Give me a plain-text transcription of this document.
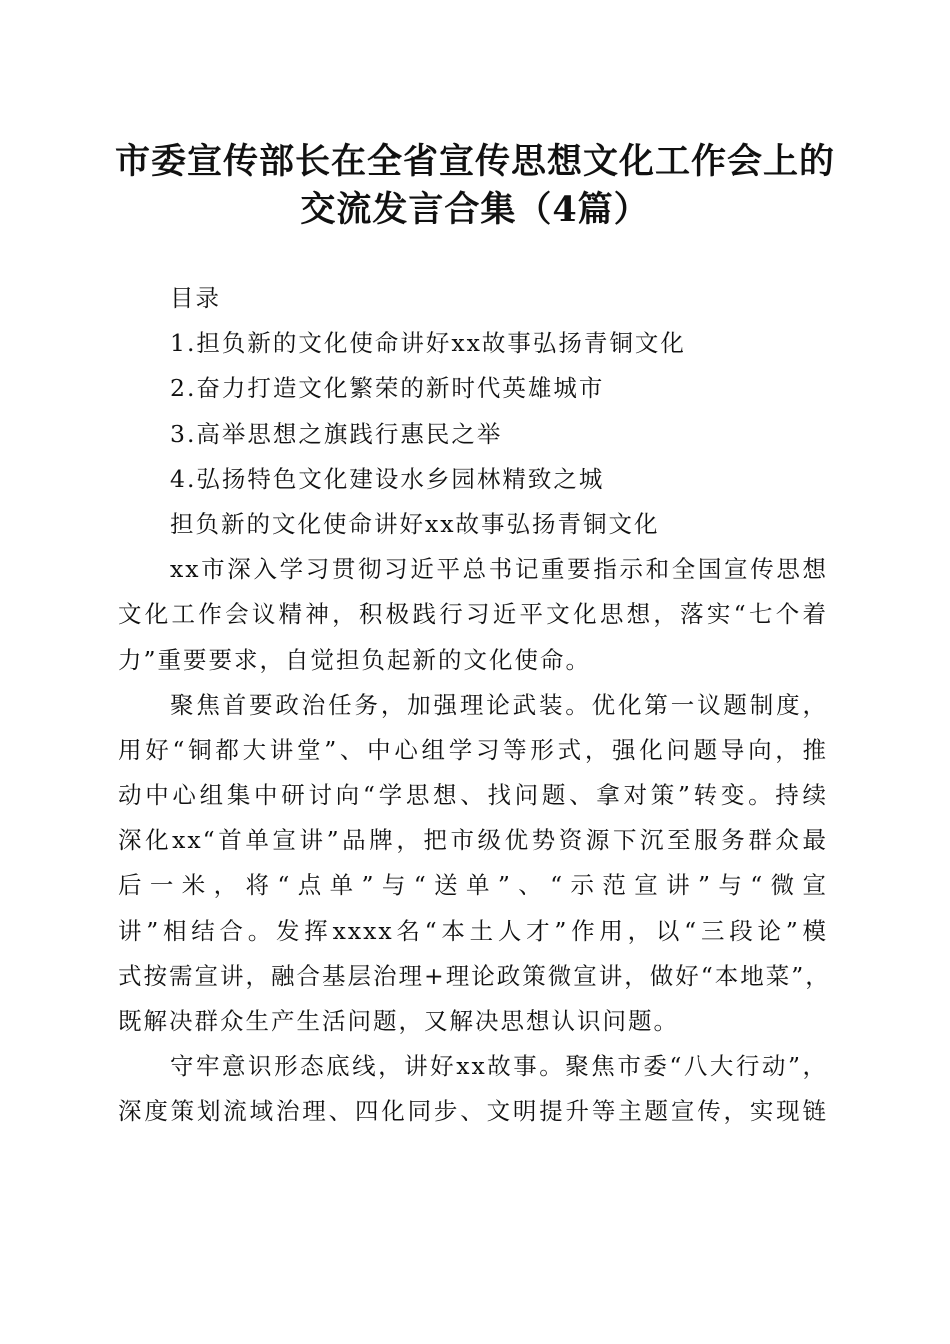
市委宣传部长在全省宣传思想文化工作会上的
交流发言合集（4篇）
目录
1.担负新的文化使命讲好xx故事弘扬青铜文化
2.奋力打造文化繁荣的新时代英雄城市
3.高举思想之旗践行惠民之举
4.弘扬特色文化建设水乡园林精致之城
担负新的文化使命讲好xx故事弘扬青铜文化
xx市深入学习贯彻习近平总书记重要指示和全国宣传思想
文化工作会议精神，积极践行习近平文化思想，落实“七个着
力”重要要求，自觉担负起新的文化使命。
聚焦首要政治任务，加强理论武装。优化第一议题制度，
用好“铜都大讲堂”、中心组学习等形式，强化问题导向，推
动中心组集中研讨向“学思想、找问题、拿对策”转变。持续
深化xx“首单宣讲”品牌，把市级优势资源下沉至服务群众最
后一米，将“点单”与“送单”、“示范宣讲”与“微宣
讲”相结合。发挥xxxx名“本土人才”作用，以“三段论”模
式按需宣讲，融合基层治理+理论政策微宣讲，做好“本地菜”，
既解决群众生产生活问题，又解决思想认识问题。
守牢意识形态底线，讲好xx故事。聚焦市委“八大行动”，
深度策划流域治理、四化同步、文明提升等主题宣传，实现链
